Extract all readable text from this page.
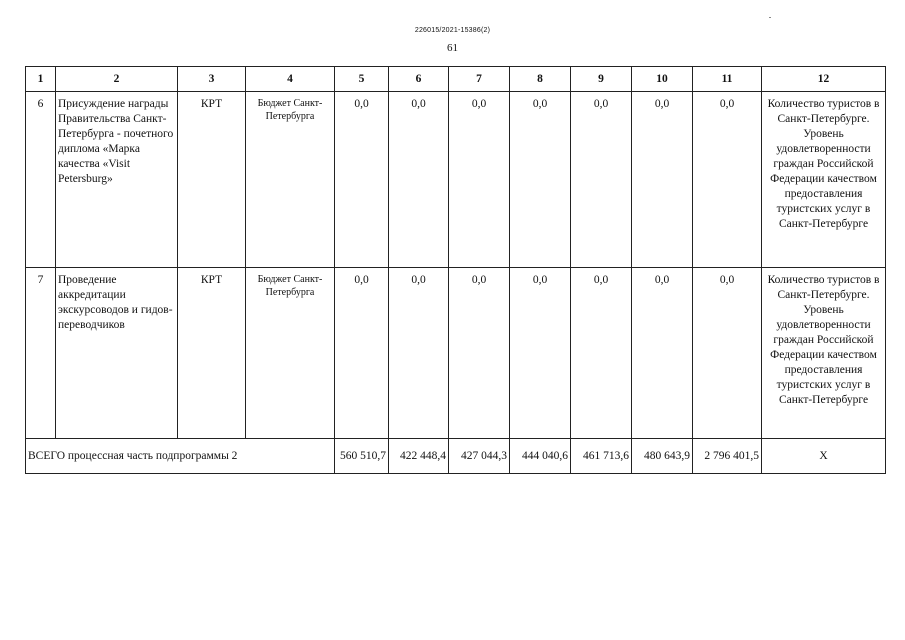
226015/2021-15386(2)
61
1	2	3	4	5	6	7	8	9	10	11	12
6	Присуждение награды Правительства Санкт-Петербурга - почетного диплома «Марка качества «Visit Petersburg»	КРТ	Бюджет Санкт-Петербурга	0,0	0,0	0,0	0,0	0,0	0,0	0,0	Количество туристов в Санкт-Петербурге. Уровень удовлетворенности граждан Российской Федерации качеством предоставления туристских услуг в Санкт-Петербурге
7	Проведение аккредитации экскурсоводов и гидов-переводчиков	КРТ	Бюджет Санкт-Петербурга	0,0	0,0	0,0	0,0	0,0	0,0	0,0	Количество туристов в Санкт-Петербурге. Уровень удовлетворенности граждан Российской Федерации качеством предоставления туристских услуг в Санкт-Петербурге
ВСЕГО процессная часть подпрограммы 2				560 510,7	422 448,4	427 044,3	444 040,6	461 713,6	480 643,9	2 796 401,5	Х
